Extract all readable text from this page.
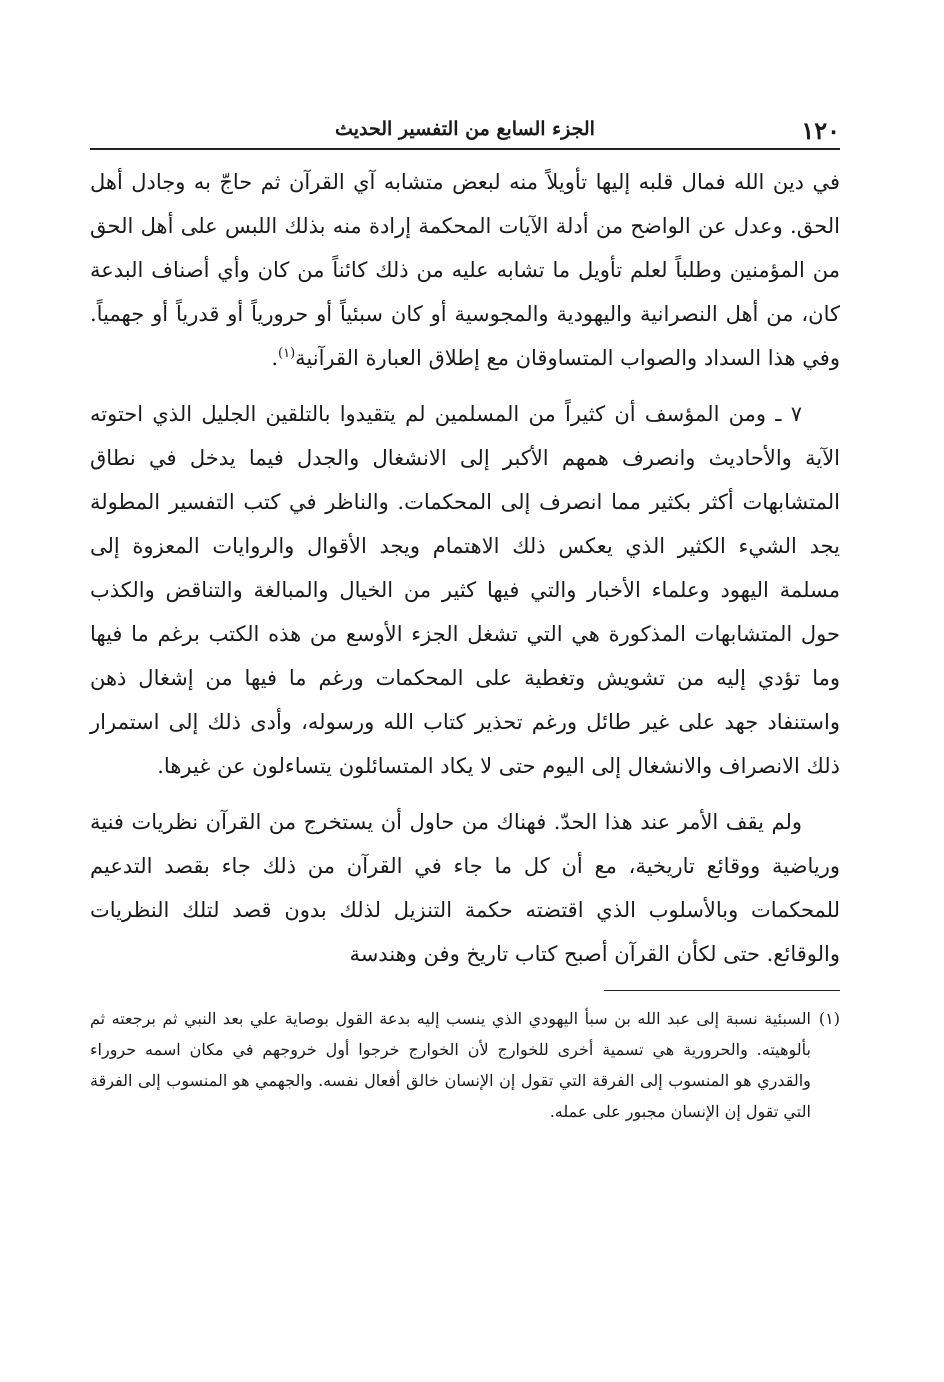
١٢٠
الجزء السابع من التفسير الحديث

في دين الله فمال قلبه إليها تأويلاً منه لبعض متشابه آي القرآن ثم حاجّ به وجادل أهل الحق. وعدل عن الواضح من أدلة الآيات المحكمة إرادة منه بذلك اللبس على أهل الحق من المؤمنين وطلباً لعلم تأويل ما تشابه عليه من ذلك كائناً من كان وأي أصناف البدعة كان، من أهل النصرانية واليهودية والمجوسية أو كان سبئياً أو حرورياً أو قدرياً أو جهمياً. وفي هذا السداد والصواب المتساوقان مع إطلاق العبارة القرآنية$^{(١)}$.

٧ ـ ومن المؤسف أن كثيراً من المسلمين لم يتقيدوا بالتلقين الجليل الذي احتوته الآية والأحاديث وانصرف همهم الأكبر إلى الانشغال والجدل فيما يدخل في نطاق المتشابهات أكثر بكثير مما انصرف إلى المحكمات. والناظر في كتب التفسير المطولة يجد الشيء الكثير الذي يعكس ذلك الاهتمام ويجد الأقوال والروايات المعزوة إلى مسلمة اليهود وعلماء الأخبار والتي فيها كثير من الخيال والمبالغة والتناقض والكذب حول المتشابهات المذكورة هي التي تشغل الجزء الأوسع من هذه الكتب برغم ما فيها وما تؤدي إليه من تشويش وتغطية على المحكمات ورغم ما فيها من إشغال ذهن واستنفاد جهد على غير طائل ورغم تحذير كتاب الله ورسوله، وأدى ذلك إلى استمرار ذلك الانصراف والانشغال إلى اليوم حتى لا يكاد المتسائلون يتساءلون عن غيرها.

ولم يقف الأمر عند هذا الحدّ. فهناك من حاول أن يستخرج من القرآن نظريات فنية ورياضية ووقائع تاريخية، مع أن كل ما جاء في القرآن من ذلك جاء بقصد التدعيم للمحكمات وبالأسلوب الذي اقتضته حكمة التنزيل لذلك بدون قصد لتلك النظريات والوقائع. حتى لكأن القرآن أصبح كتاب تاريخ وفن وهندسة

(١)
السبئية نسبة إلى عبد الله بن سبأ اليهودي الذي ينسب إليه بدعة القول بوصاية علي بعد النبي ثم برجعته ثم بألوهيته. والحرورية هي تسمية أخرى للخوارج لأن الخوارج خرجوا أول خروجهم في مكان اسمه حروراء والقدري هو المنسوب إلى الفرقة التي تقول إن الإنسان خالق أفعال نفسه. والجهمي هو المنسوب إلى الفرقة التي تقول إن الإنسان مجبور على عمله.
